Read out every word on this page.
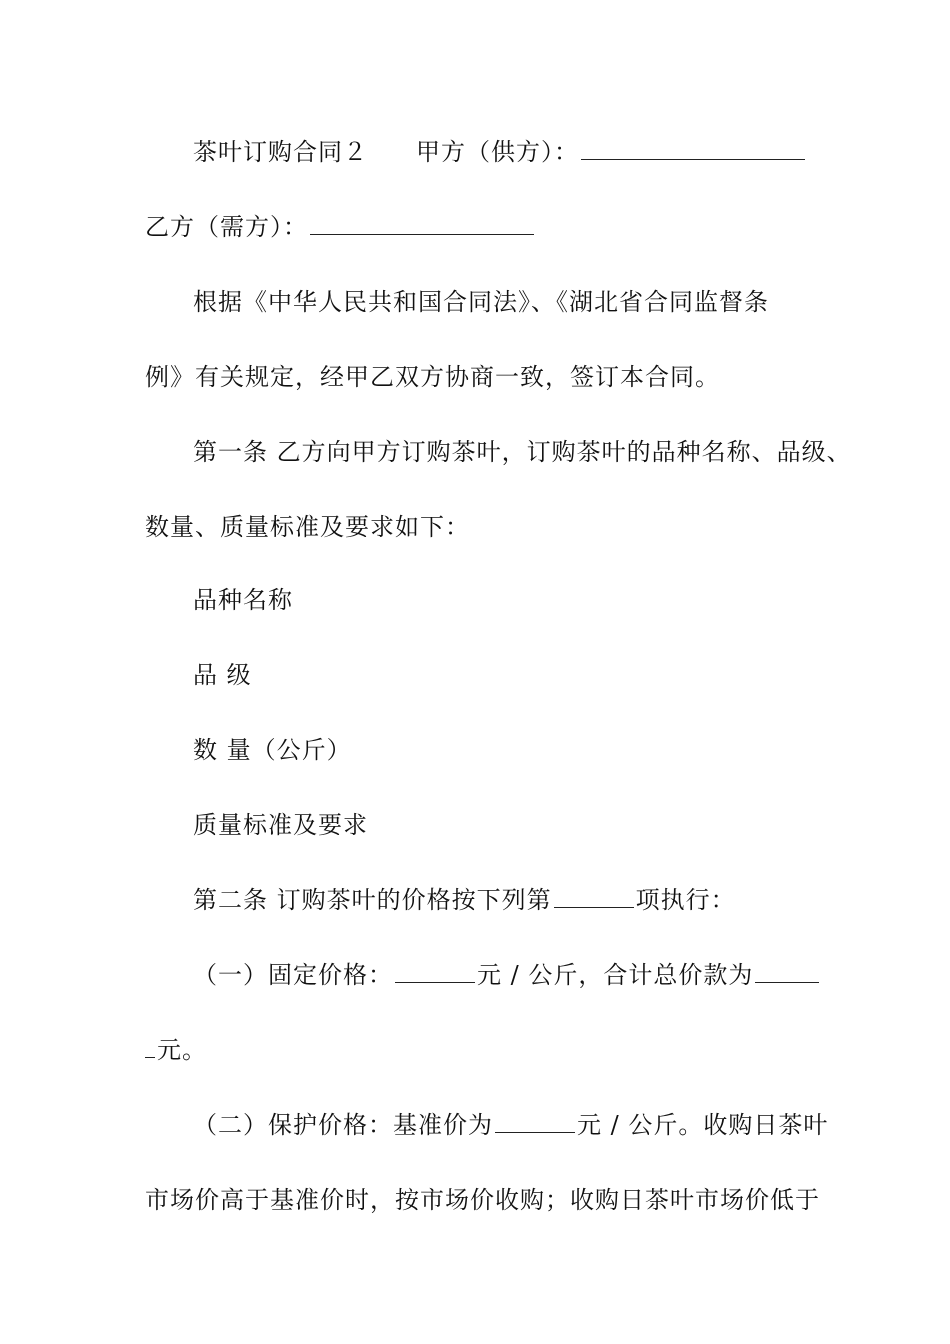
茶叶订购合同２ 甲方（供方）：
乙方（需方）：
根据《中华人民共和国合同法》、《湖北省合同监督条
例》有关规定，经甲乙双方协商一致，签订本合同。
第一条 乙方向甲方订购茶叶，订购茶叶的品种名称、品级、
数量、质量标准及要求如下：
品种名称
品 级
数 量（公斤）
质量标准及要求
第二条 订购茶叶的价格按下列第	项执行：
（一）固定价格：	元 / 公斤，合计总价款为
元。
（二）保护价格：基准价为	元 / 公斤。收购日茶叶
市场价高于基准价时，按市场价收购；收购日茶叶市场价低于
